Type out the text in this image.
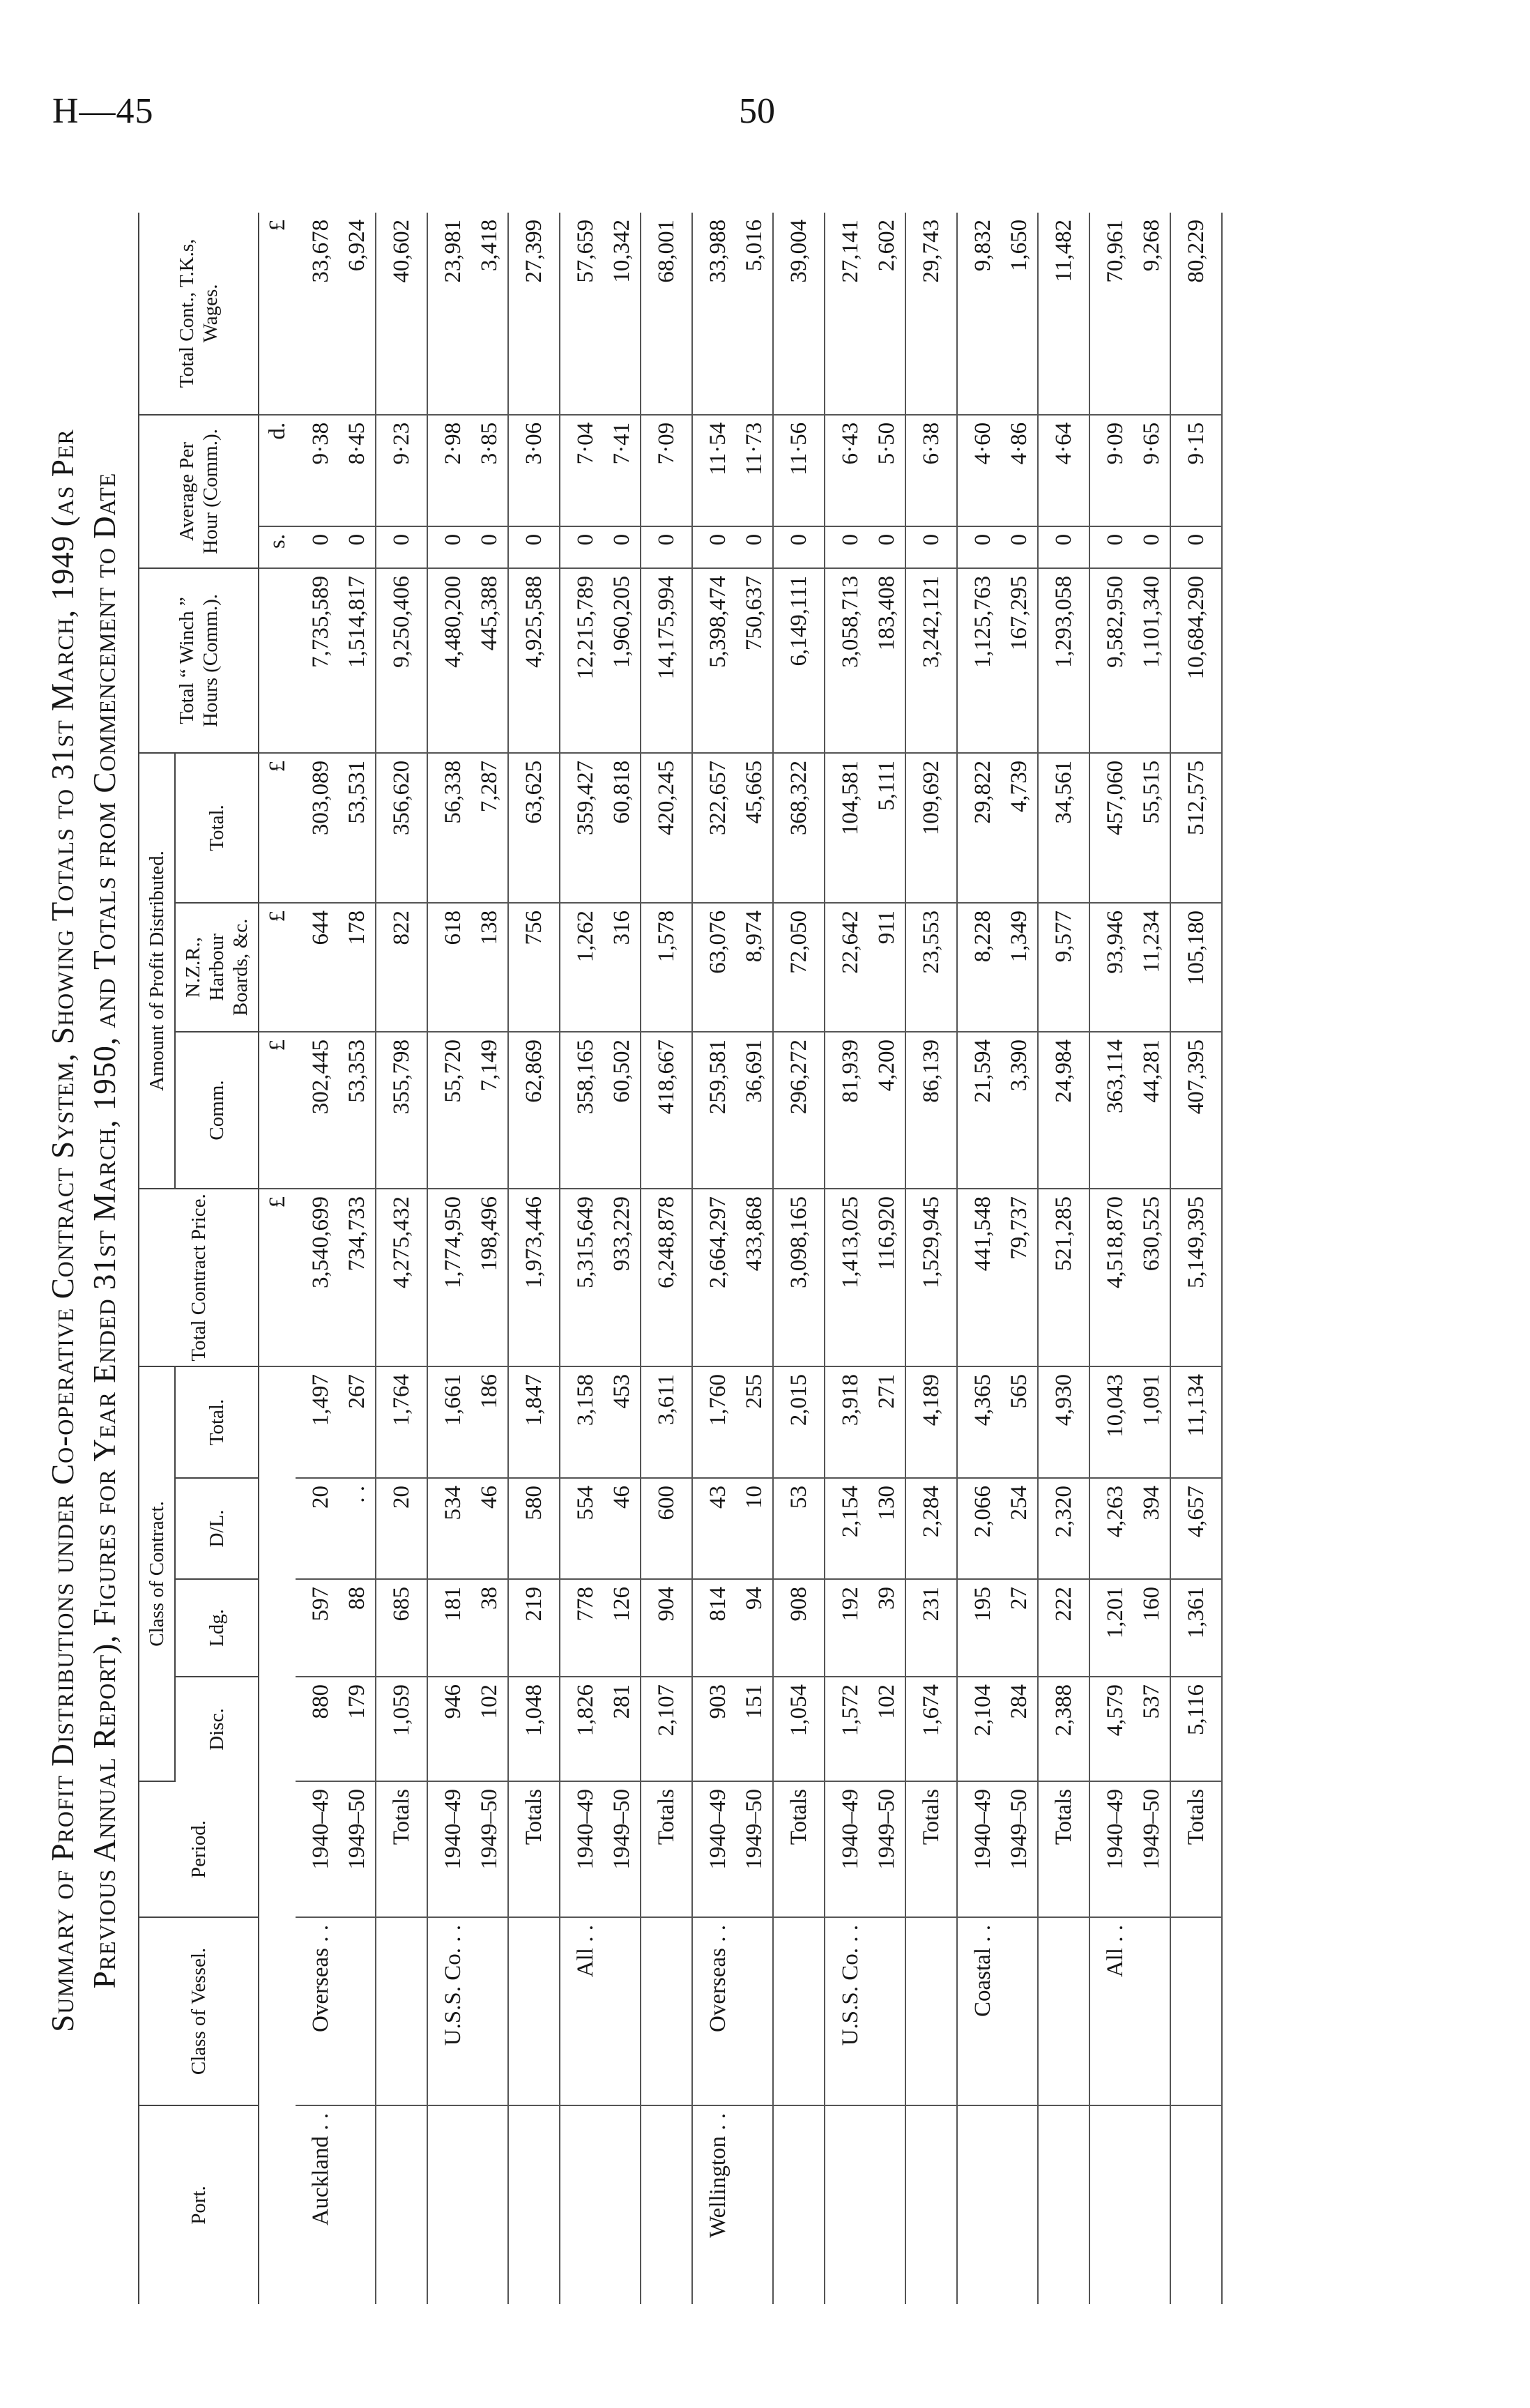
H—45	50
Summary of Profit Distributions under Co-operative Contract System, Showing Totals to 31st March, 1949 (as Per Previous Annual Report), Figures for Year Ended 31st March, 1950, and Totals from Commencement to Date
Port.	Class of Vessel.	Period.	Class of Contract.				Total Contract Price.	Amount of Profit Distributed.			Total “ Winch ” Hours (Comm.).	Average Per Hour (Comm.).		Total Cont., T.K.s, Wages.
			Disc.	Ldg.	D/L.	Total.		Comm.	N.Z.R., Harbour Boards, &c.	Total.				
							£	£	£	£		s.	d.	£
Auckland . .	Overseas . .	1940–49	880	597	20	1,497	3,540,699	302,445	644	303,089	7,735,589	0	9·38	33,678
		1949–50	179	88	. .	267	734,733	53,353	178	53,531	1,514,817	0	8·45	6,924
		Totals	1,059	685	20	1,764	4,275,432	355,798	822	356,620	9,250,406	0	9·23	40,602
	U.S.S. Co. . .	1940–49	946	181	534	1,661	1,774,950	55,720	618	56,338	4,480,200	0	2·98	23,981
		1949–50	102	38	46	186	198,496	7,149	138	7,287	445,388	0	3·85	3,418
		Totals	1,048	219	580	1,847	1,973,446	62,869	756	63,625	4,925,588	0	3·06	27,399
	All . .	1940–49	1,826	778	554	3,158	5,315,649	358,165	1,262	359,427	12,215,789	0	7·04	57,659
		1949–50	281	126	46	453	933,229	60,502	316	60,818	1,960,205	0	7·41	10,342
		Totals	2,107	904	600	3,611	6,248,878	418,667	1,578	420,245	14,175,994	0	7·09	68,001
Wellington . .	Overseas . .	1940–49	903	814	43	1,760	2,664,297	259,581	63,076	322,657	5,398,474	0	11·54	33,988
		1949–50	151	94	10	255	433,868	36,691	8,974	45,665	750,637	0	11·73	5,016
		Totals	1,054	908	53	2,015	3,098,165	296,272	72,050	368,322	6,149,111	0	11·56	39,004
	U.S.S. Co. . .	1940–49	1,572	192	2,154	3,918	1,413,025	81,939	22,642	104,581	3,058,713	0	6·43	27,141
		1949–50	102	39	130	271	116,920	4,200	911	5,111	183,408	0	5·50	2,602
		Totals	1,674	231	2,284	4,189	1,529,945	86,139	23,553	109,692	3,242,121	0	6·38	29,743
	Coastal . .	1940–49	2,104	195	2,066	4,365	441,548	21,594	8,228	29,822	1,125,763	0	4·60	9,832
		1949–50	284	27	254	565	79,737	3,390	1,349	4,739	167,295	0	4·86	1,650
		Totals	2,388	222	2,320	4,930	521,285	24,984	9,577	34,561	1,293,058	0	4·64	11,482
	All . .	1940–49	4,579	1,201	4,263	10,043	4,518,870	363,114	93,946	457,060	9,582,950	0	9·09	70,961
		1949–50	537	160	394	1,091	630,525	44,281	11,234	55,515	1,101,340	0	9·65	9,268
		Totals	5,116	1,361	4,657	11,134	5,149,395	407,395	105,180	512,575	10,684,290	0	9·15	80,229
